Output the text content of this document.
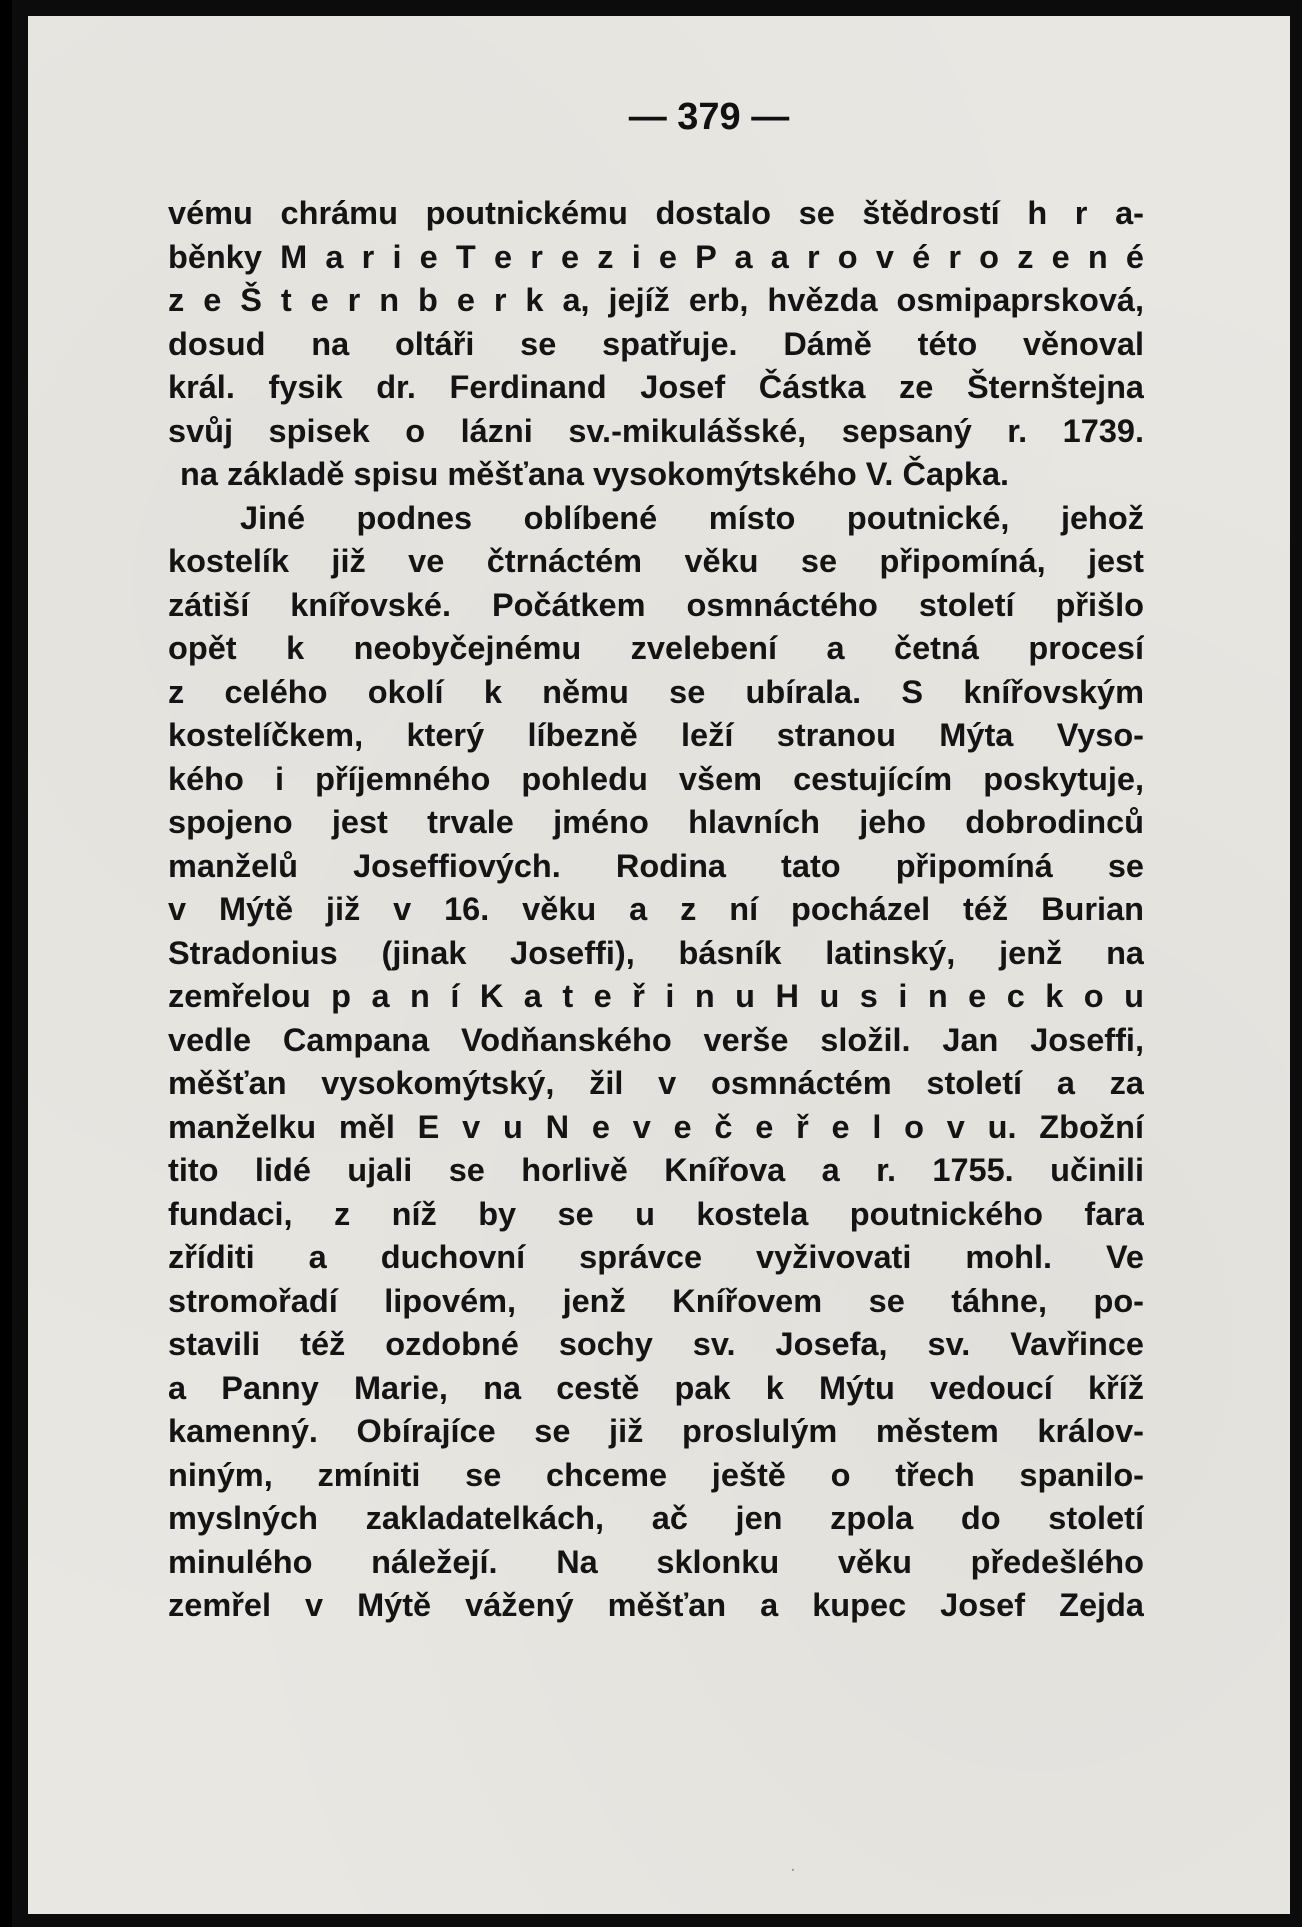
— 379 —
vému chrámu poutnickému dostalo se štědrostí h r a-
běnky M a r i e T e r e z i e P a a r o v é r o z e n é
z e Š t e r n b e r k a, jejíž erb, hvězda osmipaprsková,
dosud na oltáři se spatřuje. Dámě této věnoval
král. fysik dr. Ferdinand Josef Částka ze Šternštejna
svůj spisek o lázni sv.-mikulášské, sepsaný r. 1739.
na základě spisu měšťana vysokomýtského V. Čapka.
Jiné podnes oblíbené místo poutnické, jehož
kostelík již ve čtrnáctém věku se připomíná, jest
zátiší knířovské. Počátkem osmnáctého století přišlo
opět k neobyčejnému zvelebení a četná procesí
z celého okolí k němu se ubírala. S knířovským
kostelíčkem, který líbezně leží stranou Mýta Vyso-
kého i příjemného pohledu všem cestujícím poskytuje,
spojeno jest trvale jméno hlavních jeho dobrodinců
manželů Joseffiových. Rodina tato připomíná se
v Mýtě již v 16. věku a z ní pocházel též Burian
Stradonius (jinak Joseffi), básník latinský, jenž na
zemřelou p a n í K a t e ř i n u H u s i n e c k o u
vedle Campana Vodňanského verše složil. Jan Joseffi,
měšťan vysokomýtský, žil v osmnáctém století a za
manželku měl E v u N e v e č e ř e l o v u. Zbožní
tito lidé ujali se horlivě Knířova a r. 1755. učinili
fundaci, z níž by se u kostela poutnického fara
zříditi a duchovní správce vyživovati mohl. Ve
stromořadí lipovém, jenž Knířovem se táhne, po-
stavili též ozdobné sochy sv. Josefa, sv. Vavřince
a Panny Marie, na cestě pak k Mýtu vedoucí kříž
kamenný. Obírajíce se již proslulým městem králov-
niným, zmíniti se chceme ještě o třech spanilo-
myslných zakladatelkách, ač jen zpola do století
minulého náležejí. Na sklonku věku předešlého
zemřel v Mýtě vážený měšťan a kupec Josef Zejda
·
